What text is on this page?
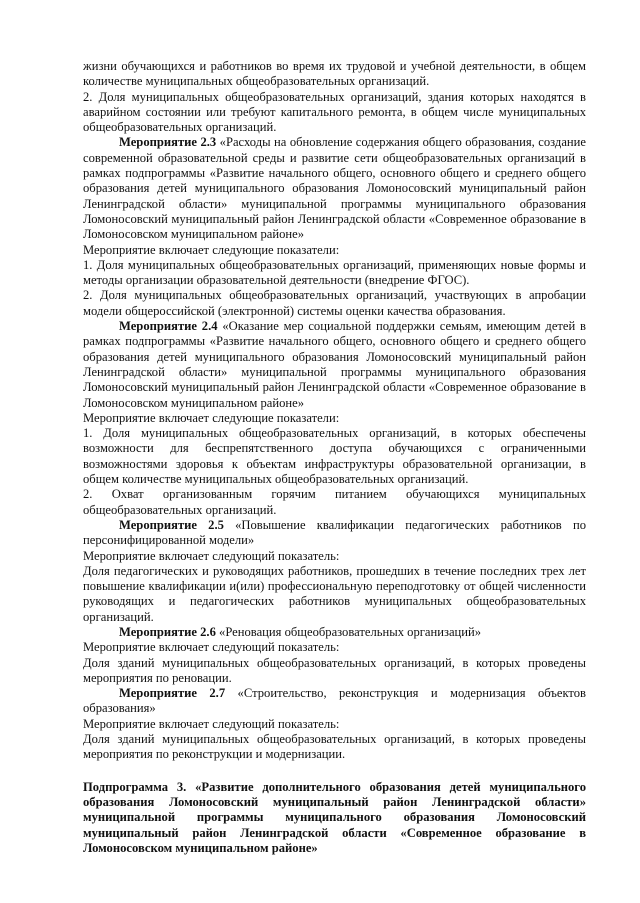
жизни обучающихся и работников во время их трудовой и учебной деятельности, в общем количестве муниципальных общеобразовательных организаций.

2. Доля муниципальных общеобразовательных организаций, здания которых находятся в аварийном состоянии или требуют капитального ремонта, в общем числе муниципальных общеобразовательных организаций.

Мероприятие 2.3 «Расходы на обновление содержания общего образования, создание современной образовательной среды и развитие сети общеобразовательных организаций в рамках подпрограммы «Развитие начального общего, основного общего и среднего общего образования детей муниципального образования Ломоносовский муниципальный район Ленинградской области» муниципальной программы муниципального образования Ломоносовский муниципальный район Ленинградской области «Современное образование в Ломоносовском муниципальном районе»

Мероприятие включает следующие показатели:

1. Доля муниципальных общеобразовательных организаций, применяющих новые формы и методы организации образовательной деятельности (внедрение ФГОС).

2. Доля муниципальных общеобразовательных организаций, участвующих в апробации модели общероссийской (электронной) системы оценки качества образования.

Мероприятие 2.4 «Оказание мер социальной поддержки семьям, имеющим детей в рамках подпрограммы «Развитие начального общего, основного общего и среднего общего образования детей муниципального образования Ломоносовский муниципальный район Ленинградской области» муниципальной программы муниципального образования Ломоносовский муниципальный район Ленинградской области «Современное образование в Ломоносовском муниципальном районе»

Мероприятие включает следующие показатели:

1. Доля муниципальных общеобразовательных организаций, в которых обеспечены возможности для беспрепятственного доступа обучающихся с ограниченными возможностями здоровья к объектам инфраструктуры образовательной организации, в общем количестве муниципальных общеобразовательных организаций.

2. Охват организованным горячим питанием обучающихся муниципальных общеобразовательных организаций.

Мероприятие 2.5 «Повышение квалификации педагогических работников по персонифицированной модели»

Мероприятие включает следующий показатель:

Доля педагогических и руководящих работников, прошедших в течение последних трех лет повышение квалификации и(или) профессиональную переподготовку от общей численности руководящих и педагогических работников муниципальных общеобразовательных организаций.

Мероприятие 2.6 «Реновация общеобразовательных организаций»

Мероприятие включает следующий показатель:

Доля зданий муниципальных общеобразовательных организаций, в которых проведены мероприятия по реновации.

Мероприятие 2.7 «Строительство, реконструкция и модернизация объектов образования»

Мероприятие включает следующий показатель:

Доля зданий муниципальных общеобразовательных организаций, в которых проведены мероприятия по реконструкции и модернизации.

Подпрограмма 3. «Развитие дополнительного образования детей муниципального образования Ломоносовский муниципальный район Ленинградской области» муниципальной программы муниципального образования Ломоносовский муниципальный район Ленинградской области «Современное образование в Ломоносовском муниципальном районе»
